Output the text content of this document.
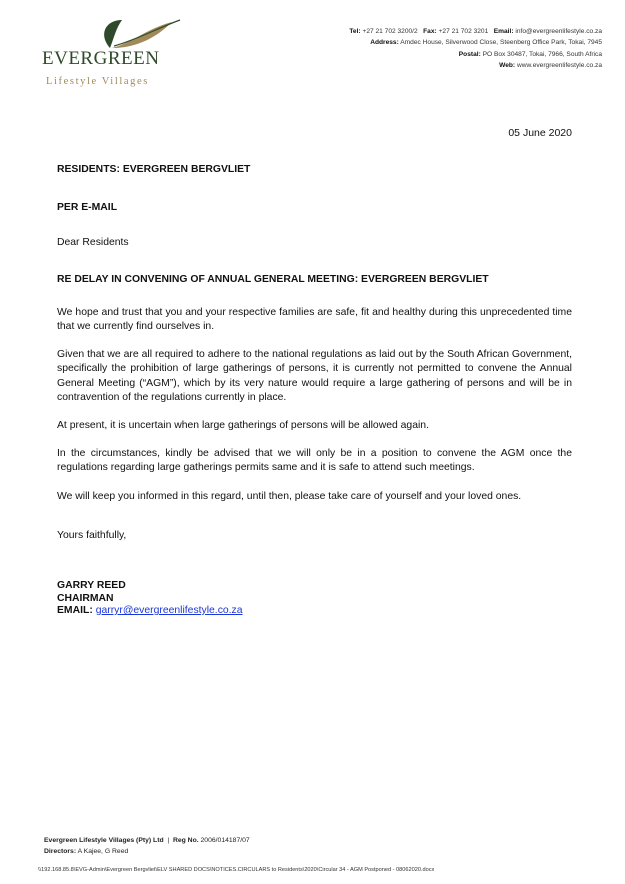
EVERGREEN
Lifestyle Villages
Tel: +27 21 702 3200/2 Fax: +27 21 702 3201 Email: info@evergreenlifestyle.co.za
Address: Amdec House, Silverwood Close, Steenberg Office Park, Tokai, 7945
Postal: PO Box 30487, Tokai, 7966, South Africa
Web: www.evergreenlifestyle.co.za
05 June 2020
RESIDENTS: EVERGREEN BERGVLIET
PER E-MAIL
Dear Residents
RE DELAY IN CONVENING OF ANNUAL GENERAL MEETING: EVERGREEN BERGVLIET
We hope and trust that you and your respective families are safe, fit and healthy during this unprecedented time that we currently find ourselves in.
Given that we are all required to adhere to the national regulations as laid out by the South African Government, specifically the prohibition of large gatherings of persons, it is currently not permitted to convene the Annual General Meeting (“AGM”), which by its very nature would require a large gathering of persons and will be in contravention of the regulations currently in place.
At present, it is uncertain when large gatherings of persons will be allowed again.
In the circumstances, kindly be advised that we will only be in a position to convene the AGM once the regulations regarding large gatherings permits same and it is safe to attend such meetings.
We will keep you informed in this regard, until then, please take care of yourself and your loved ones.
Yours faithfully,
GARRY REED
CHAIRMAN
EMAIL: garryr@evergreenlifestyle.co.za
Evergreen Lifestyle Villages (Pty) Ltd | Reg No. 2006/014187/07
Directors: A Kajee, G Reed
\\192.168.85.8\EVG-Admin\Evergreen Bergvliet\ELV SHARED DOCS\NOTICES.CIRCULARS to Residents\2020\Circular 34 - AGM Postponed - 08062020.docx
